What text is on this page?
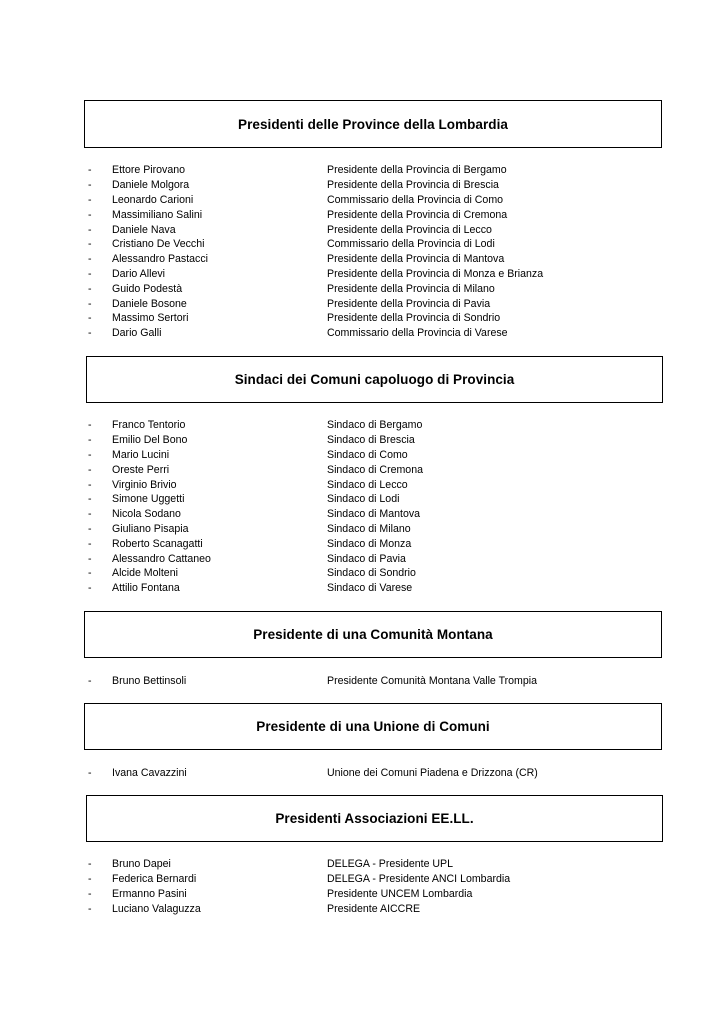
Presidenti delle Province della Lombardia
-	Ettore Pirovano	Presidente della Provincia di Bergamo
-	Daniele Molgora	Presidente della Provincia di Brescia
-	Leonardo Carioni	Commissario della Provincia di Como
-	Massimiliano Salini	Presidente della Provincia di Cremona
-	Daniele Nava	Presidente della Provincia di Lecco
-	Cristiano De Vecchi	Commissario della Provincia di Lodi
-	Alessandro Pastacci	Presidente della Provincia di Mantova
-	Dario Allevi	Presidente della Provincia di Monza e Brianza
-	Guido Podestà	Presidente della Provincia di Milano
-	Daniele Bosone	Presidente della Provincia di Pavia
-	Massimo Sertori	Presidente della Provincia di Sondrio
-	Dario Galli	Commissario della Provincia di Varese
Sindaci dei Comuni capoluogo di Provincia
-	Franco Tentorio	Sindaco di Bergamo
-	Emilio Del Bono	Sindaco di Brescia
-	Mario Lucini	Sindaco di Como
-	Oreste Perri	Sindaco di Cremona
-	Virginio Brivio	Sindaco di Lecco
-	Simone Uggetti	Sindaco di Lodi
-	Nicola Sodano	Sindaco di Mantova
-	Giuliano Pisapia	Sindaco di Milano
-	Roberto Scanagatti	Sindaco di Monza
-	Alessandro Cattaneo	Sindaco di Pavia
-	Alcide Molteni	Sindaco di Sondrio
-	Attilio Fontana	Sindaco di Varese
Presidente di una Comunità Montana
-	Bruno Bettinsoli	Presidente Comunità Montana Valle Trompia
Presidente di una Unione di Comuni
-	Ivana Cavazzini	Unione dei Comuni Piadena e Drizzona (CR)
Presidenti Associazioni EE.LL.
-	Bruno Dapei	DELEGA - Presidente UPL
-	Federica Bernardi	DELEGA - Presidente ANCI Lombardia
-	Ermanno Pasini	Presidente UNCEM Lombardia
-	Luciano Valaguzza	Presidente AICCRE
